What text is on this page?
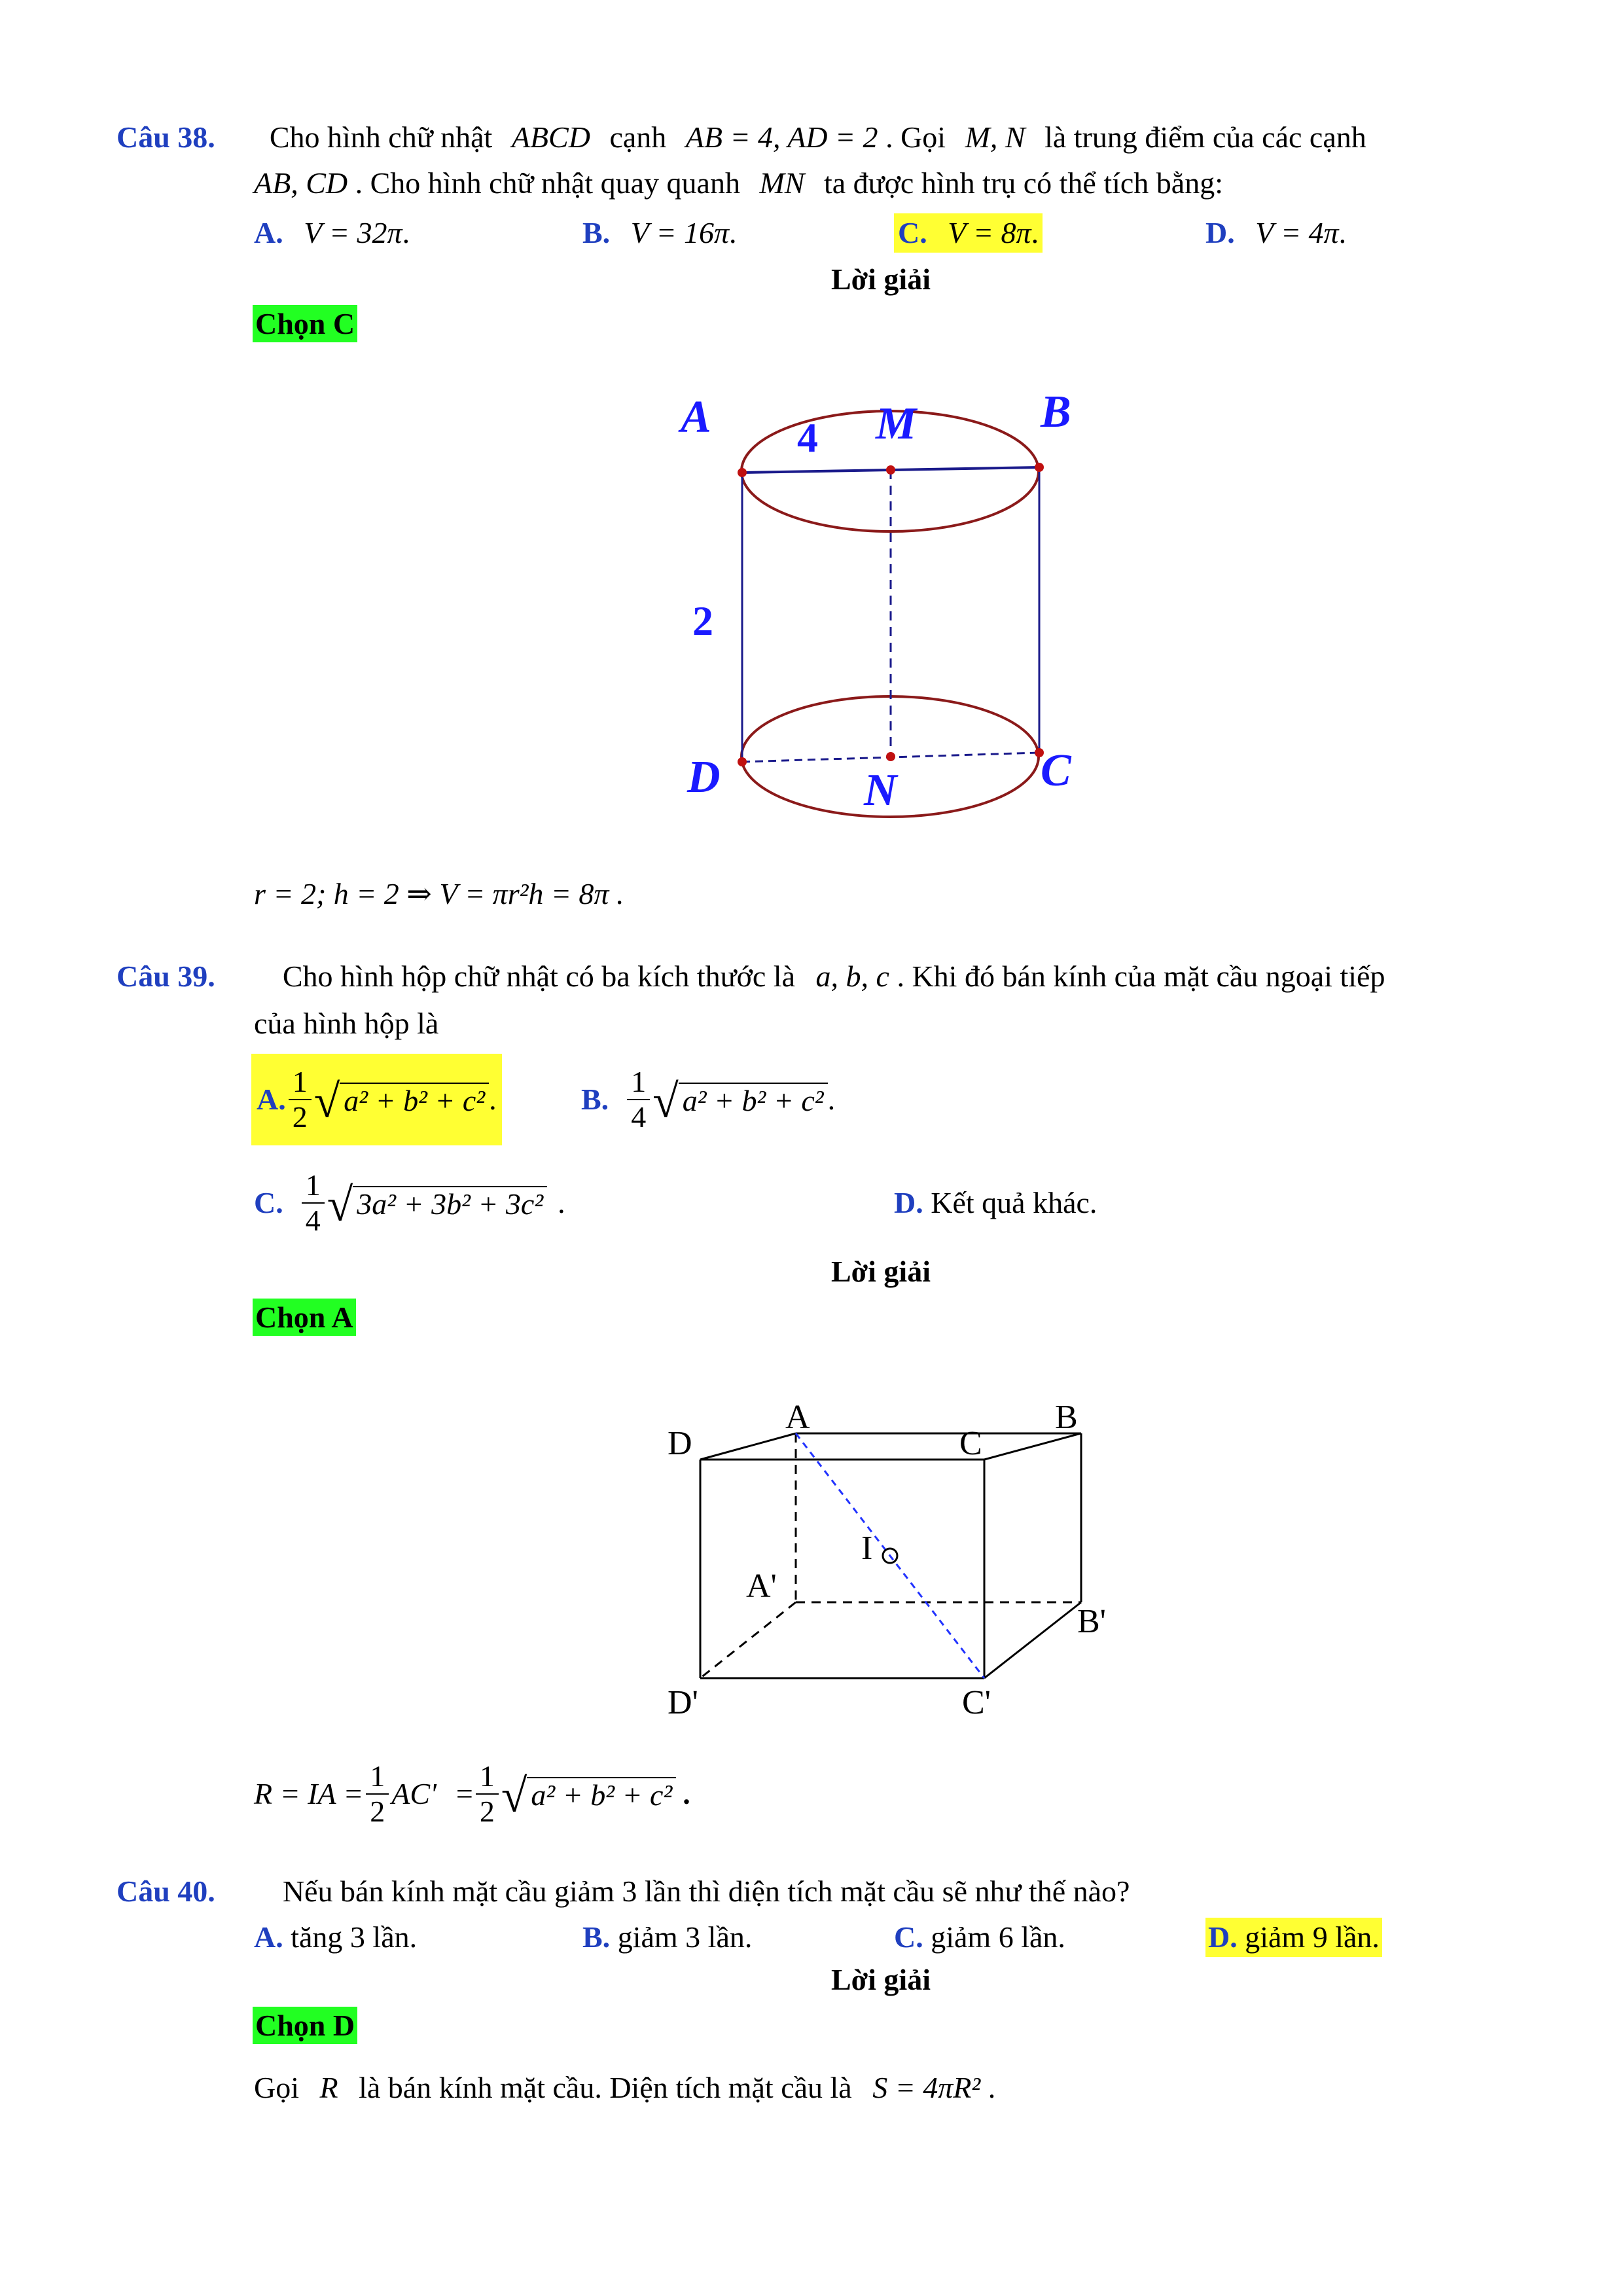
Câu 38. Cho hình chữ nhật ABCD cạnh AB = 4, AD = 2 . Gọi M, N là trung điểm của các cạnh
AB, CD . Cho hình chữ nhật quay quanh MN ta được hình trụ có thể tích bằng:
A. V = 32π.	B. V = 16π.	C. V = 8π.	D. V = 4π.
Lời giải
Chọn C
A	M	B
D	N	C
4
2
r = 2; h = 2 ⇒ V = πr²h = 8π .
Câu 39. Cho hình hộp chữ nhật có ba kích thước là a, b, c . Khi đó bán kính của mặt cầu ngoại tiếp
của hình hộp là
A. $\frac{1}{2}$ √ a² + b² + c² .	B. $\frac{1}{4}$ √ a² + b² + c² .
C. $\frac{1}{4}$ √ 3a² + 3b² + 3c² .	D. Kết quả khác.
Lời giải
Chọn A
A	B
C
D
I
A'
B'
C'
D'
R = IA = $\frac{1}{2} AC' = \frac{1}{2}$ √ a² + b² + c² .
Câu 40. Nếu bán kính mặt cầu giảm 3 lần thì diện tích mặt cầu sẽ như thế nào?
A. tăng 3 lần.	B. giảm 3 lần.	C. giảm 6 lần.	D. giảm 9 lần.
Lời giải
Chọn D
Gọi R là bán kính mặt cầu. Diện tích mặt cầu là S = 4πR² .
